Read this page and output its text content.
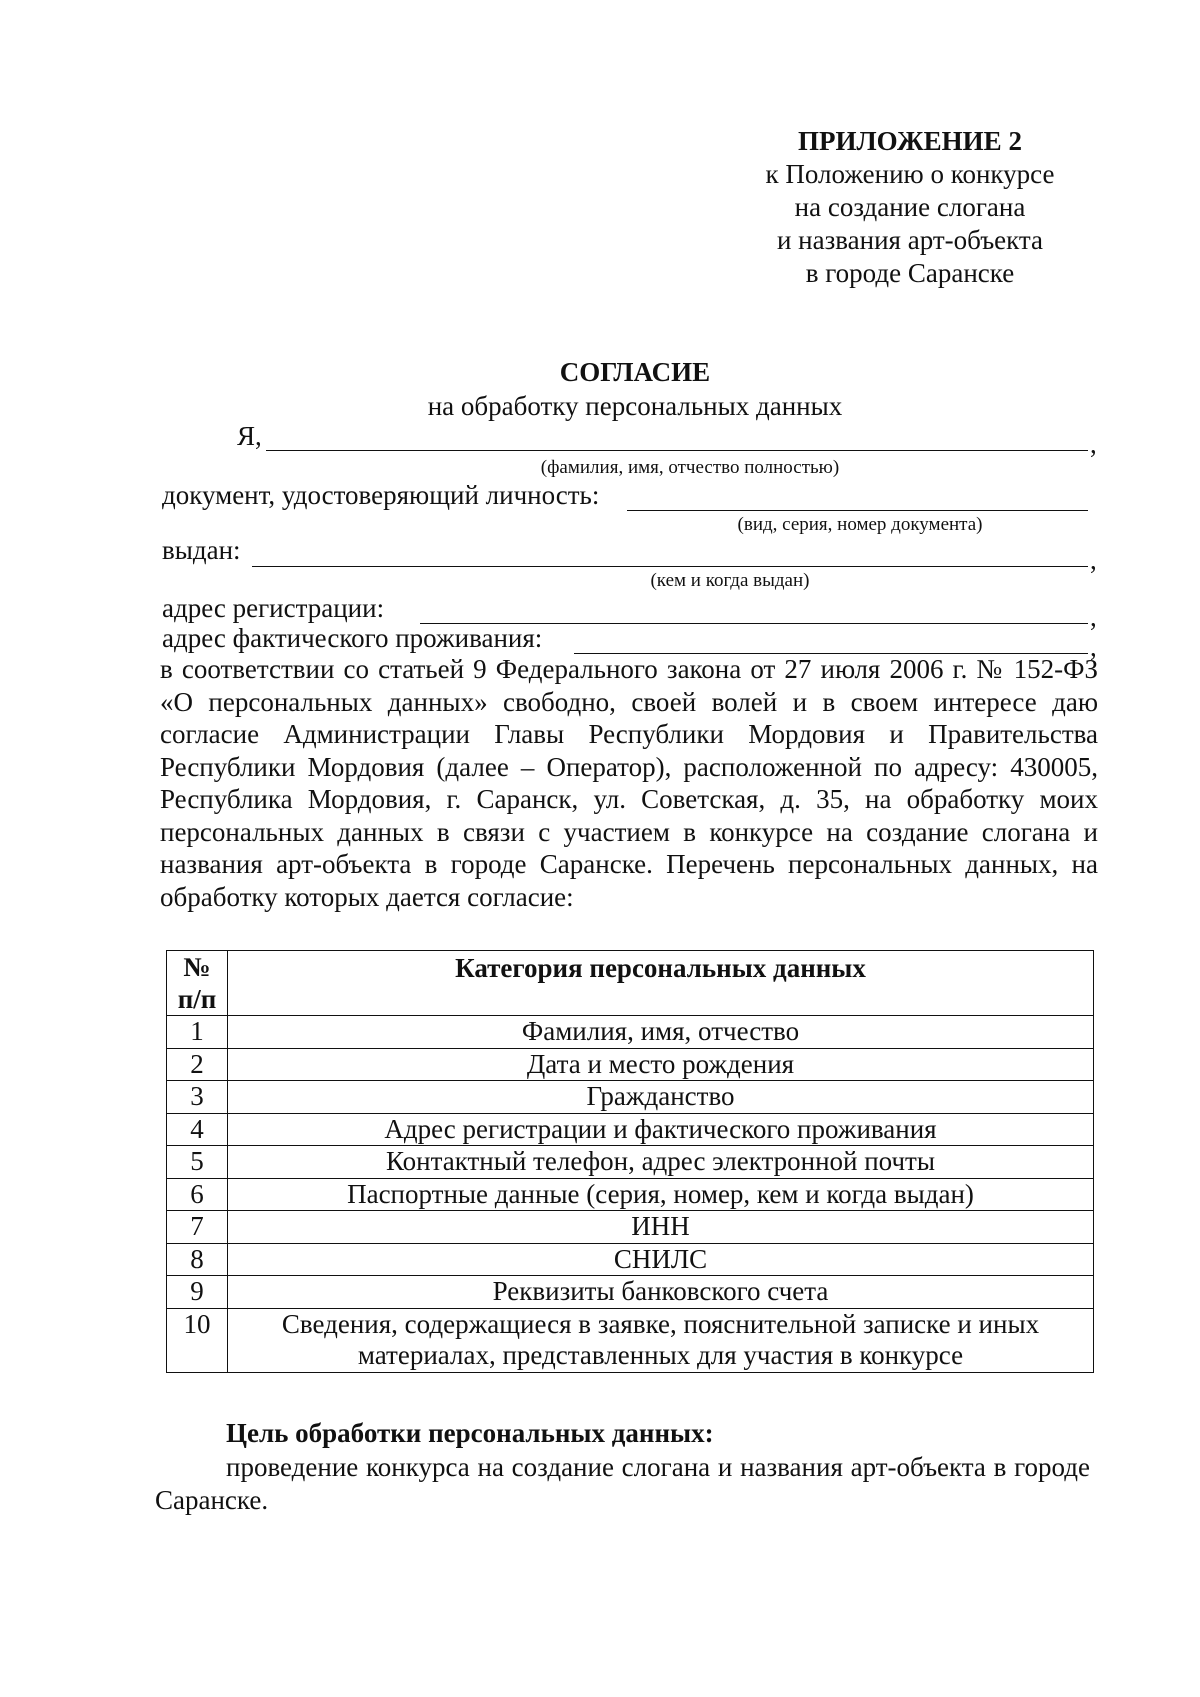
ПРИЛОЖЕНИЕ 2
к Положению о конкурсе
на создание слогана
и названия арт-объекта
в городе Саранске
СОГЛАСИЕ
на обработку персональных данных
Я,	,
(фамилия, имя, отчество полностью)
документ, удостоверяющий личность:
(вид, серия, номер документа)
выдан:	,
(кем и когда выдан)
адрес регистрации:	,
адрес фактического проживания:	,
в соответствии со статьей 9 Федерального закона от 27 июля 2006 г. № 152-ФЗ «О персональных данных» свободно, своей волей и в своем интересе даю согласие Администрации Главы Республики Мордовия и Правительства Республики Мордовия (далее – Оператор), расположенной по адресу: 430005, Республика Мордовия, г. Саранск, ул. Советская, д. 35, на обработку моих персональных данных в связи с участием в конкурсе на создание слогана и названия арт-объекта в городе Саранске. Перечень персональных данных, на обработку которых дается согласие:
№ п/п	Категория персональных данных
1	Фамилия, имя, отчество
2	Дата и место рождения
3	Гражданство
4	Адрес регистрации и фактического проживания
5	Контактный телефон, адрес электронной почты
6	Паспортные данные (серия, номер, кем и когда выдан)
7	ИНН
8	СНИЛС
9	Реквизиты банковского счета
10	Сведения, содержащиеся в заявке, пояснительной записке и иных материалах, представленных для участия в конкурсе
Цель обработки персональных данных:
проведение конкурса на создание слогана и названия арт-объекта в городе Саранске.
